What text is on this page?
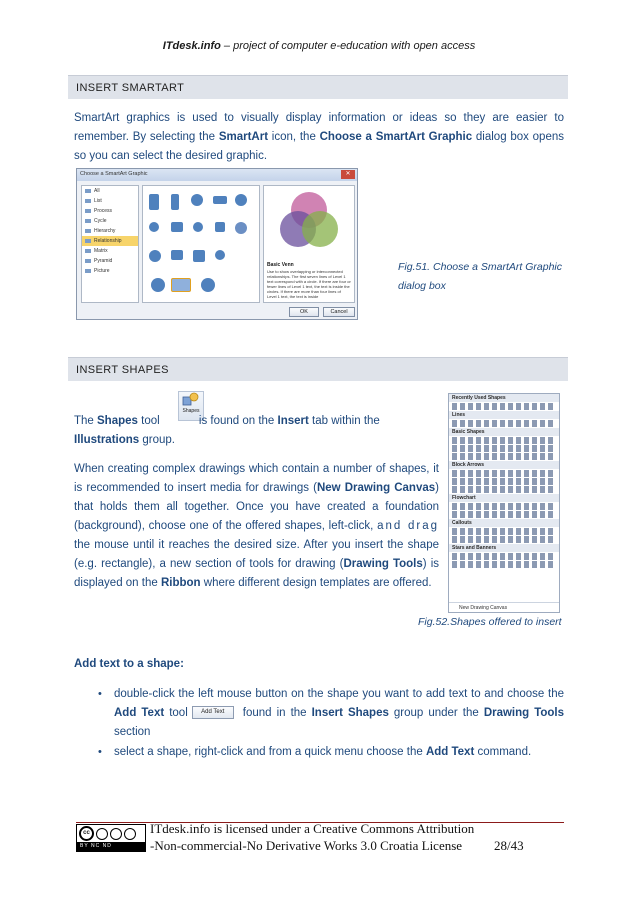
ITdesk.info – project of computer e-education with open access
INSERT SMARTART
SmartArt graphics is used to visually display information or ideas so they are easier to remember. By selecting the SmartArt icon, the Choose a SmartArt Graphic dialog box opens so you can select the desired graphic.
Choose a SmartArt Graphic	✕
All
List
Process
Cycle
Hierarchy
Relationship
Matrix
Pyramid
Picture
Basic Venn
Use to show overlapping or interconnected relationships. The first seven lines of Level 1 text correspond with a circle. If there are four or fewer lines of Level 1 text, the text is inside the circles. If there are more than four lines of Level 1 text, the text is inside
OK	Cancel
Fig.51. Choose a SmartArt Graphic
dialog box
INSERT SHAPES
Shapes
The Shapes tool	is found on the Insert tab within the
Illustrations group.
When creating complex drawings which contain a number of shapes, it is recommended to insert media for drawings (New Drawing Canvas) that holds them all together. Once you have created a foundation (background), choose one of the offered shapes, left-click, and drag the mouse until it reaches the desired size. After you insert the shape (e.g. rectangle), a new section of tools for drawing (Drawing Tools) is displayed on the Ribbon where different design templates are offered.
Recently Used Shapes
Lines
Basic Shapes
Block Arrows
Flowchart
Callouts
Stars and Banners
New Drawing Canvas
Fig.52.Shapes offered to insert
Add text to a shape:
• double-click the left mouse button on the shape you want to add text to and choose the Add Text tool Add Text found in the Insert Shapes group under the Drawing Tools section
• select a shape, right-click and from a quick menu choose the Add Text command.
cc
BY NC ND
ITdesk.info is licensed under a Creative Commons Attribution
-Non-commercial-No Derivative Works 3.0 Croatia License 28/43
